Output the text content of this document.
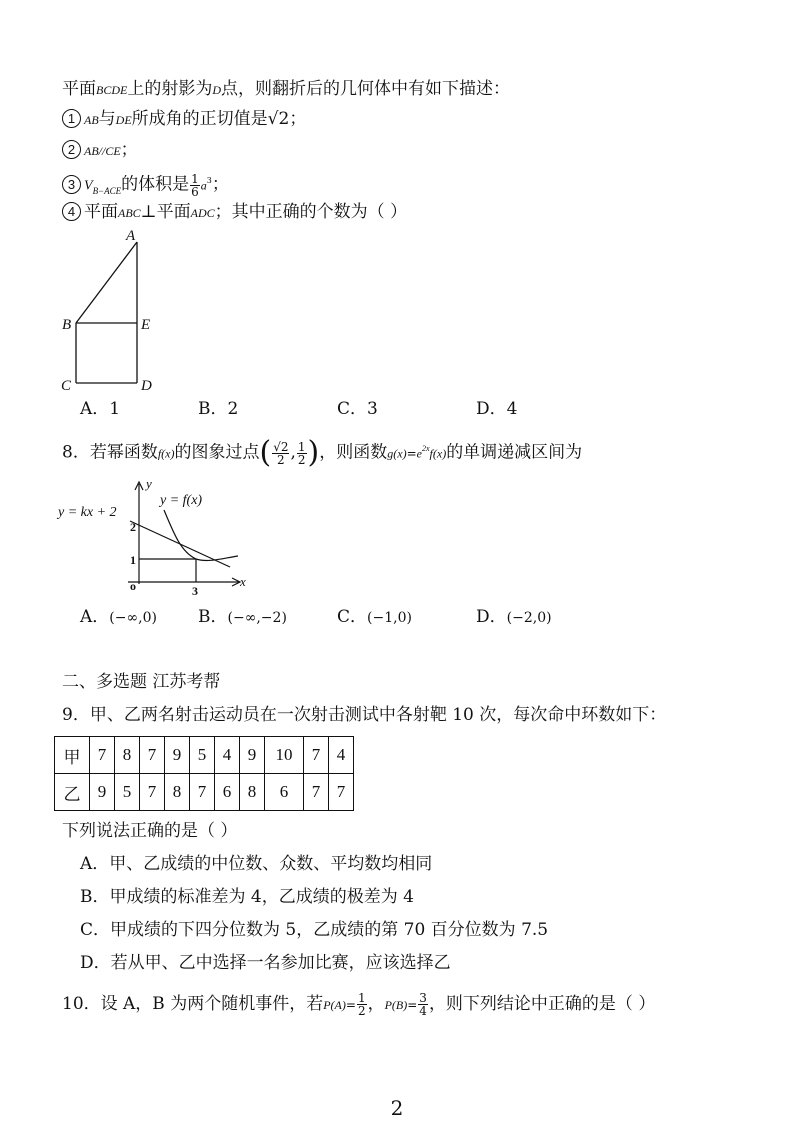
平面BCDE上的射影为D点，则翻折后的几何体中有如下描述：
1 AB与DE所成角的正切值是√2；
2 AB//CE；
3 $V_{B-ACE}$的体积是 $\frac{1}{6} a^3$；
4 平面ABC⊥平面ADC；其中正确的个数为（ ）
A
B	E
C	D
A．1	B．2	C．3	D．4
8．若幂函数f(x)的图象过点( $\frac{√2}{2}$ , $\frac{1}{2}$ )，则函数$g(x)=e^{2x}f(x)$的单调递减区间为
y = kx + 2
y = f(x)
y
x
o
2
1
3
A．(−∞,0) B．(−∞,−2)	C．(−1,0)	D．(−2,0)
二、多选题 江苏考帮
9．甲、乙两名射击运动员在一次射击测试中各射靶 10 次，每次命中环数如下：
甲	7	8	7	9	5	4	9	10	7	4
乙	9	5	7	8	7	6	8	6	7	7
下列说法正确的是（ ）
A．甲、乙成绩的中位数、众数、平均数均相同
B．甲成绩的标准差为 4，乙成绩的极差为 4
C．甲成绩的下四分位数为 5，乙成绩的第 70 百分位数为 7.5
D．若从甲、乙中选择一名参加比赛，应该选择乙
10．设 A，B 为两个随机事件，若$P(A)= \frac{1}{2}$ ，$P(B)= \frac{3}{4}$ ，则下列结论中正确的是（ ）
2
